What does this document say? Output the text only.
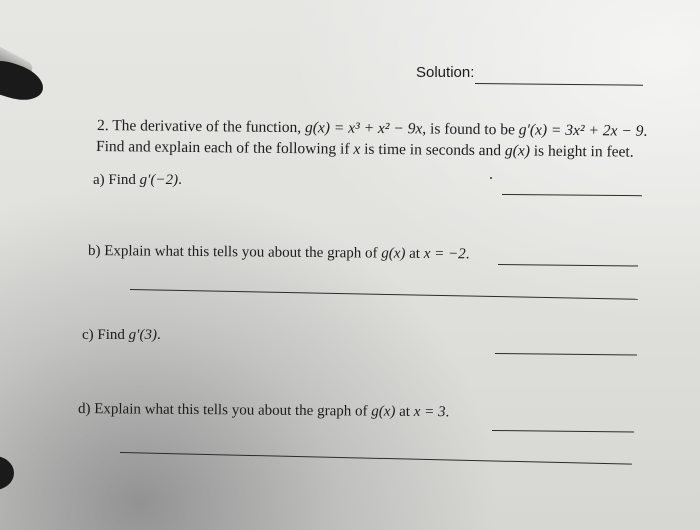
Solution:
2. The derivative of the function, g(x) = x³ + x² − 9x, is found to be g′(x) = 3x² + 2x − 9.
Find and explain each of the following if x is time in seconds and g(x) is height in feet.
a) Find g′(−2).
b) Explain what this tells you about the graph of g(x) at x = −2.
c) Find g′(3).
d) Explain what this tells you about the graph of g(x) at x = 3.
